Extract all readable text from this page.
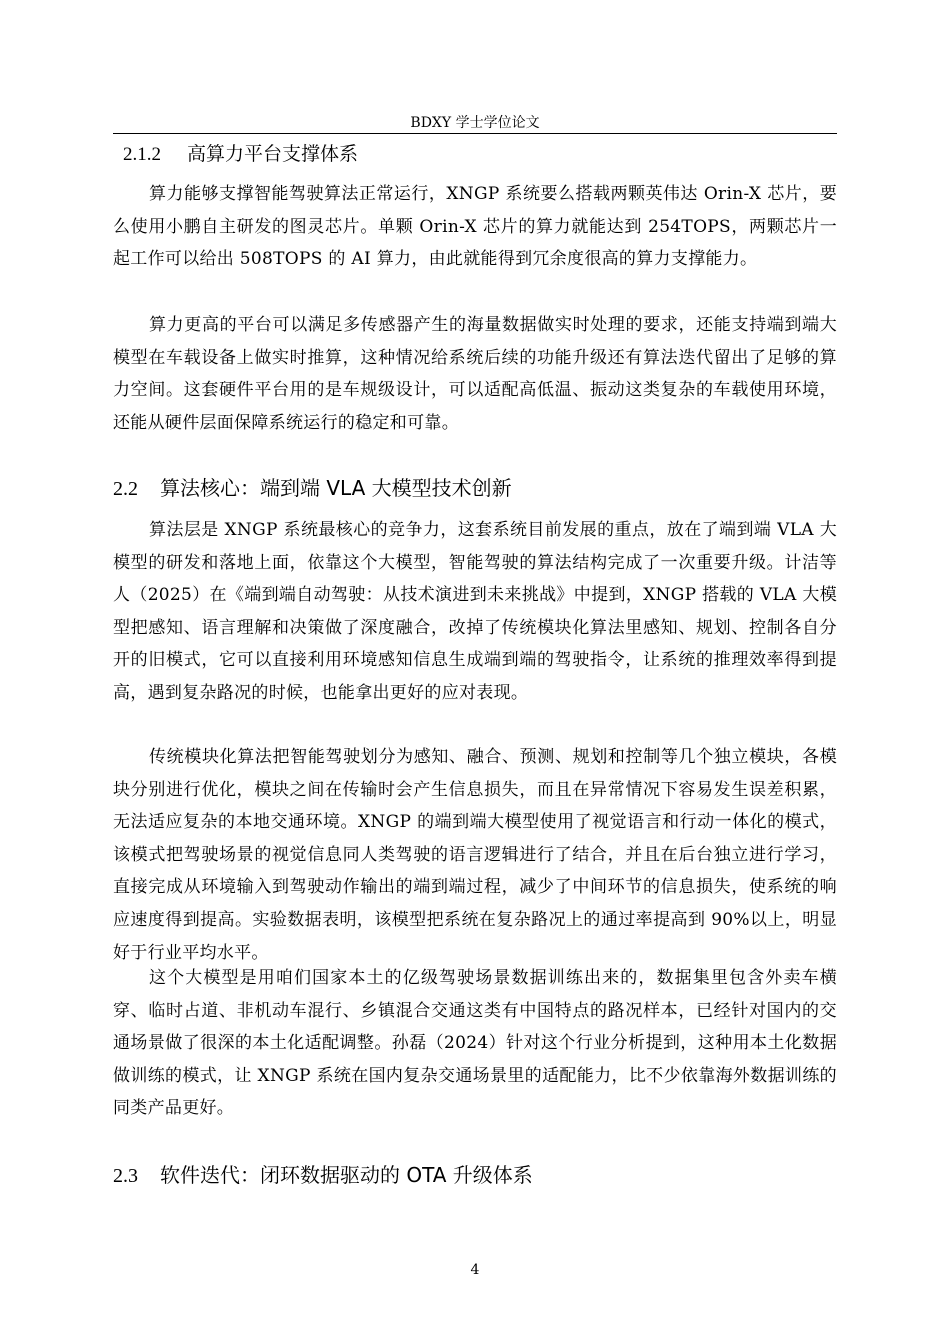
BDXY 学士学位论文
2.1.2 高算力平台支撑体系

算力能够支撑智能驾驶算法正常运行，XNGP 系统要么搭载两颗英伟达 Orin-X 芯片，要么使用小鹏自主研发的图灵芯片。单颗 Orin-X 芯片的算力就能达到 254TOPS，两颗芯片一起工作可以给出 508TOPS 的 AI 算力，由此就能得到冗余度很高的算力支撑能力。

算力更高的平台可以满足多传感器产生的海量数据做实时处理的要求，还能支持端到端大模型在车载设备上做实时推算，这种情况给系统后续的功能升级还有算法迭代留出了足够的算力空间。这套硬件平台用的是车规级设计，可以适配高低温、振动这类复杂的车载使用环境，还能从硬件层面保障系统运行的稳定和可靠。

2.2 算法核心：端到端 VLA 大模型技术创新

算法层是 XNGP 系统最核心的竞争力，这套系统目前发展的重点，放在了端到端 VLA 大模型的研发和落地上面，依靠这个大模型，智能驾驶的算法结构完成了一次重要升级。计洁等人（2025）在《端到端自动驾驶：从技术演进到未来挑战》中提到，XNGP 搭载的 VLA 大模型把感知、语言理解和决策做了深度融合，改掉了传统模块化算法里感知、规划、控制各自分开的旧模式，它可以直接利用环境感知信息生成端到端的驾驶指令，让系统的推理效率得到提高，遇到复杂路况的时候，也能拿出更好的应对表现。

传统模块化算法把智能驾驶划分为感知、融合、预测、规划和控制等几个独立模块，各模块分别进行优化，模块之间在传输时会产生信息损失，而且在异常情况下容易发生误差积累，无法适应复杂的本地交通环境。XNGP 的端到端大模型使用了视觉语言和行动一体化的模式，该模式把驾驶场景的视觉信息同人类驾驶的语言逻辑进行了结合，并且在后台独立进行学习，直接完成从环境输入到驾驶动作输出的端到端过程，减少了中间环节的信息损失，使系统的响应速度得到提高。实验数据表明，该模型把系统在复杂路况上的通过率提高到 90%以上，明显好于行业平均水平。

这个大模型是用咱们国家本土的亿级驾驶场景数据训练出来的，数据集里包含外卖车横穿、临时占道、非机动车混行、乡镇混合交通这类有中国特点的路况样本，已经针对国内的交通场景做了很深的本土化适配调整。孙磊（2024）针对这个行业分析提到，这种用本土化数据做训练的模式，让 XNGP 系统在国内复杂交通场景里的适配能力，比不少依靠海外数据训练的同类产品更好。

2.3 软件迭代：闭环数据驱动的 OTA 升级体系
4
